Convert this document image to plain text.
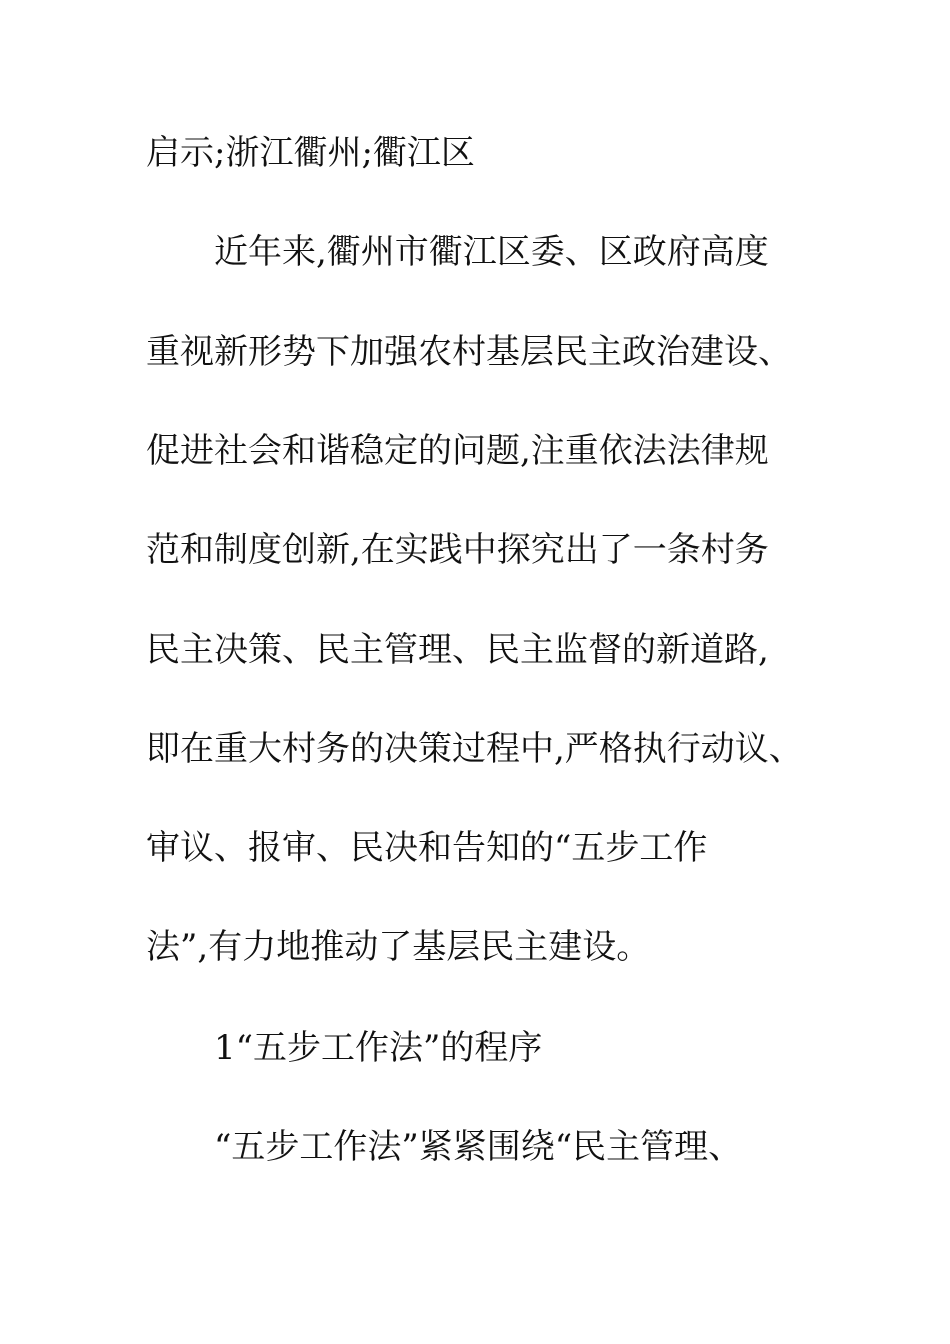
启示;浙江衢州;衢江区

近年来,衢州市衢江区委、区政府高度

重视新形势下加强农村基层民主政治建设、

促进社会和谐稳定的问题,注重依法法律规

范和制度创新,在实践中探究出了一条村务

民主决策、民主管理、民主监督的新道路,

即在重大村务的决策过程中,严格执行动议、

审议、报审、民决和告知的“五步工作

法”,有力地推动了基层民主建设。

1“五步工作法”的程序

“五步工作法”紧紧围绕“民主管理、
